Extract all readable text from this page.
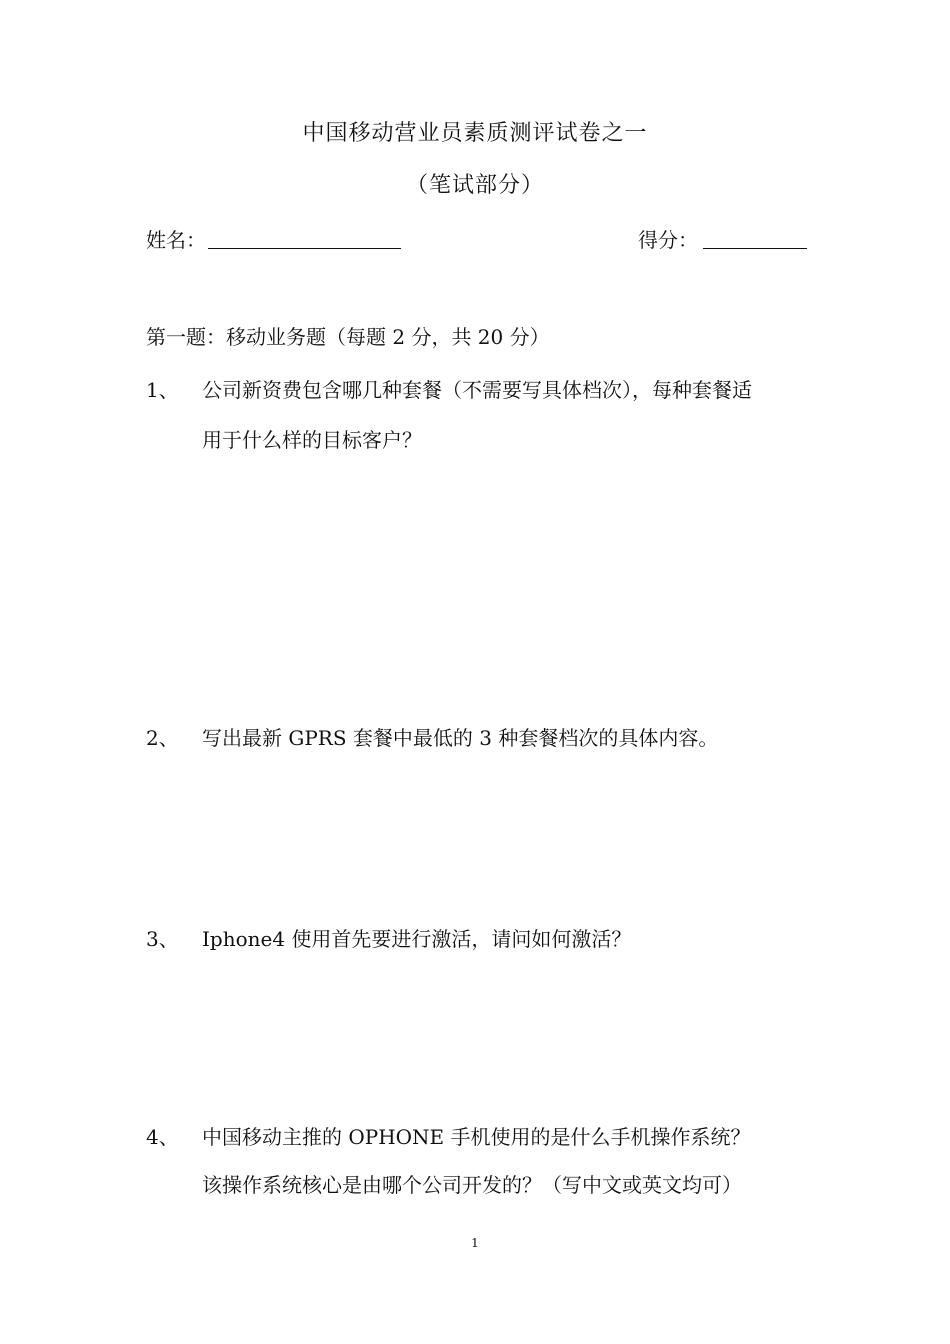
中国移动营业员素质测评试卷之一
（笔试部分）
姓名：	得分：
第一题：移动业务题（每题 2 分，共 20 分）
1、 公司新资费包含哪几种套餐（不需要写具体档次），每种套餐适
用于什么样的目标客户？
2、 写出最新 GPRS 套餐中最低的 3 种套餐档次的具体内容。
3、 Iphone4 使用首先要进行激活，请问如何激活？
4、 中国移动主推的 OPHONE 手机使用的是什么手机操作系统？
该操作系统核心是由哪个公司开发的？（写中文或英文均可）
1
